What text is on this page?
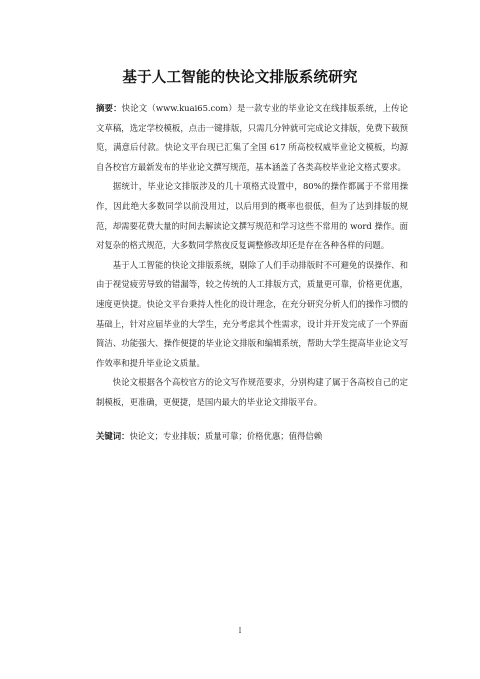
基于人工智能的快论文排版系统研究

摘要：快论文（www.kuai65.com）是一款专业的毕业论文在线排版系统，上传论文草稿，选定学校模板，点击一键排版，只需几分钟就可完成论文排版，免费下载预览，满意后付款。快论文平台现已汇集了全国 617 所高校权威毕业论文模板，均源自各校官方最新发布的毕业论文撰写规范，基本涵盖了各类高校毕业论文格式要求。

据统计，毕业论文排版涉及的几十项格式设置中，80%的操作都属于不常用操作，因此绝大多数同学以前没用过，以后用到的概率也很低，但为了达到排版的规范，却需要花费大量的时间去解读论文撰写规范和学习这些不常用的 word 操作。面对复杂的格式规范，大多数同学熬夜反复调整修改却还是存在各种各样的问题。

基于人工智能的快论文排版系统，剔除了人们手动排版时不可避免的误操作、和由于视觉疲劳导致的错漏等，较之传统的人工排版方式，质量更可靠，价格更优惠，速度更快捷。快论文平台秉持人性化的设计理念，在充分研究分析人们的操作习惯的基础上，针对应届毕业的大学生，充分考虑其个性需求，设计并开发完成了一个界面简洁、功能强大、操作便捷的毕业论文排版和编辑系统，帮助大学生提高毕业论文写作效率和提升毕业论文质量。

快论文根据各个高校官方的论文写作规范要求，分别构建了属于各高校自己的定制模板，更准确，更便捷，是国内最大的毕业论文排版平台。

关键词：快论文；专业排版；质量可靠；价格优惠；值得信赖

I
